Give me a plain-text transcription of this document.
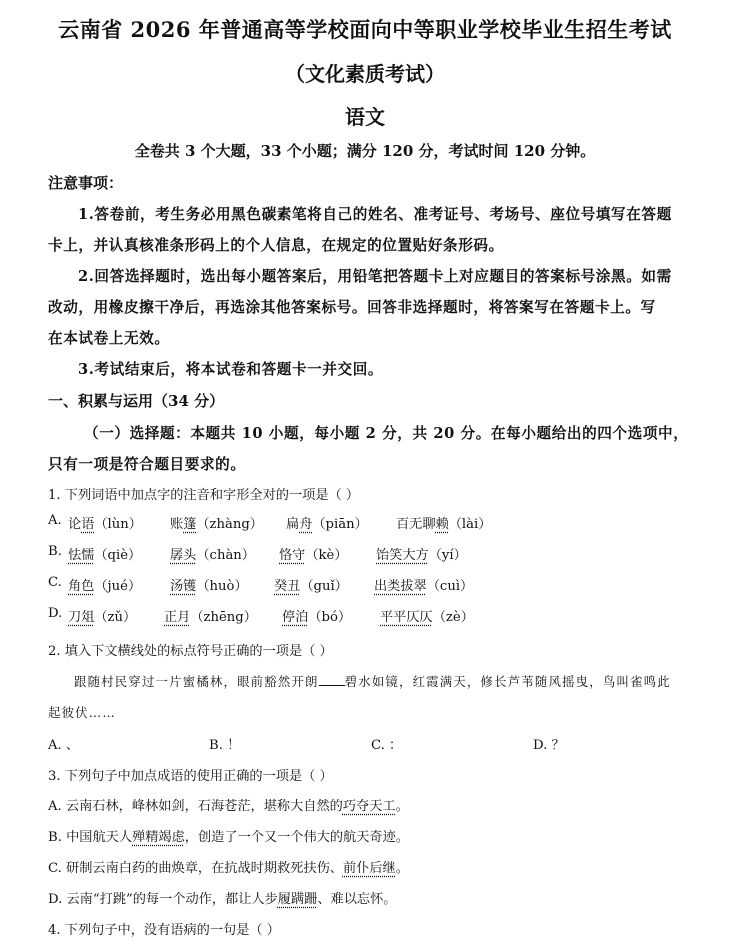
云南省 2026 年普通高等学校面向中等职业学校毕业生招生考试
（文化素质考试）
语文
全卷共 3 个大题，33 个小题；满分 120 分，考试时间 120 分钟。
注意事项：
1.答卷前，考生务必用黑色碳素笔将自己的姓名、准考证号、考场号、座位号填写在答题
卡上，并认真核准条形码上的个人信息，在规定的位置贴好条形码。
2.回答选择题时，选出每小题答案后，用铅笔把答题卡上对应题目的答案标号涂黑。如需
改动，用橡皮擦干净后，再选涂其他答案标号。回答非选择题时，将答案写在答题卡上。写
在本试卷上无效。
3.考试结束后，将本试卷和答题卡一并交回。
一、积累与运用（34 分）
（一）选择题：本题共 10 小题，每小题 2 分，共 20 分。在每小题给出的四个选项中，
只有一项是符合题目要求的。
1. 下列词语中加点字的注音和字形全对的一项是（ ）
A. 论语（lùn） 账篷（zhàng） 扁舟（piān） 百无聊赖（lài）
B. 怯懦（qiè） 孱头（chàn） 恪守（kè） 饴笑大方（yí）
C. 角色（jué） 汤镬（huò） 癸丑（guǐ） 出类拔翠（cuì）
D. 刀俎（zǔ） 正月（zhēng） 停泊（bó） 平平仄仄（zè）
2. 填入下文横线处的标点符号正确的一项是（ ）
跟随村民穿过一片蜜橘林，眼前豁然开朗 碧水如镜，红霞满天，修长芦苇随风摇曳，鸟叫雀鸣此
起彼伏……
A. 、	B. ！	C. ：	D. ？
3. 下列句子中加点成语的使用正确的一项是（ ）
A. 云南石林，峰林如剑，石海苍茫，堪称大自然的巧夺天工。
B. 中国航天人殚精竭虑，创造了一个又一个伟大的航天奇迹。
C. 研制云南白药的曲焕章，在抗战时期救死扶伤、前仆后继。
D. 云南“打跳”的每一个动作，都让人步履蹒跚、难以忘怀。
4. 下列句子中，没有语病的一句是（ ）
